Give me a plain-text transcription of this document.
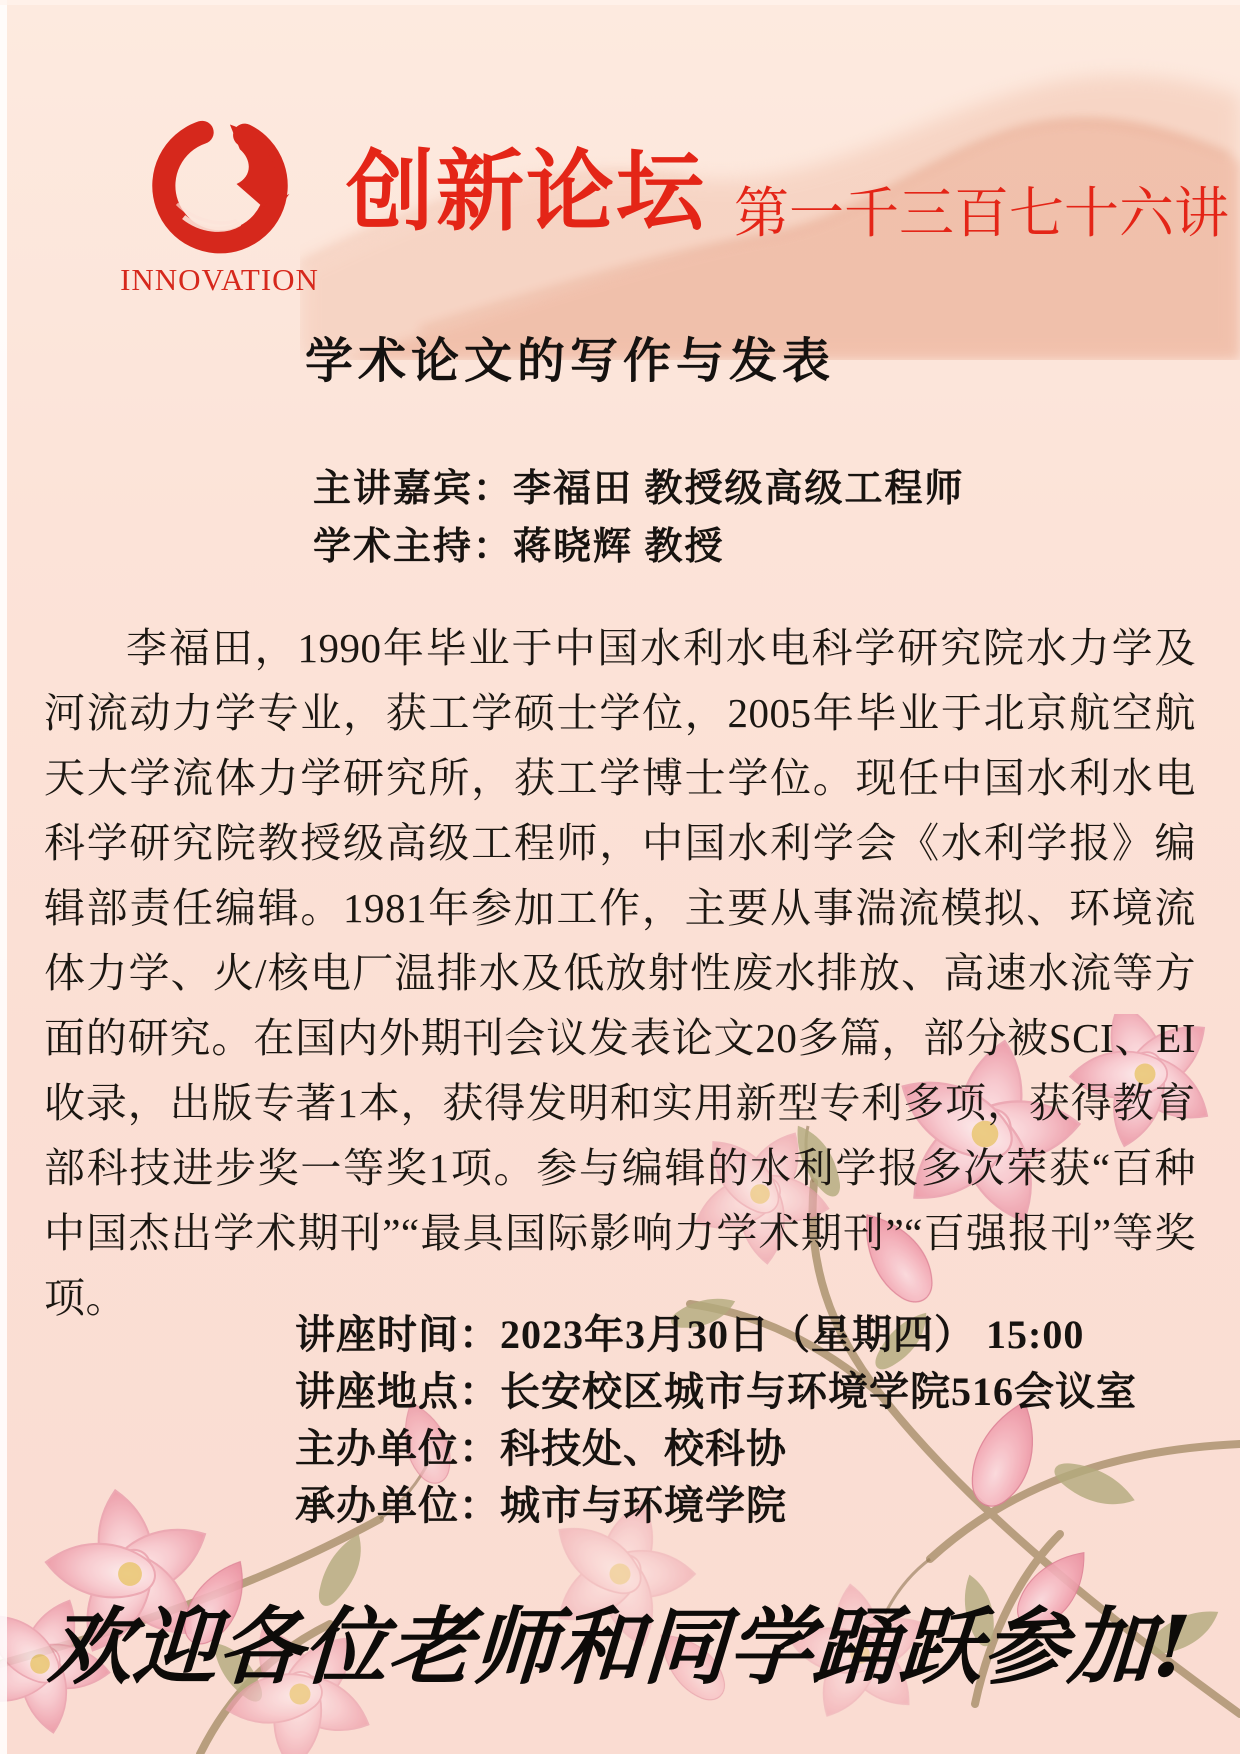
INNOVATION
创新论坛 第一千三百七十六讲
学术论文的写作与发表
主讲嘉宾：李福田 教授级高级工程师
学术主持：蒋晓辉 教授
李福田，1990年毕业于中国水利水电科学研究院水力学及河流动力学专业，获工学硕士学位，2005年毕业于北京航空航天大学流体力学研究所，获工学博士学位。现任中国水利水电科学研究院教授级高级工程师，中国水利学会《水利学报》编辑部责任编辑。1981年参加工作，主要从事湍流模拟、环境流体力学、火/核电厂温排水及低放射性废水排放、高速水流等方面的研究。在国内外期刊会议发表论文20多篇，部分被SCI、EI收录，出版专著1本，获得发明和实用新型专利多项，获得教育部科技进步奖一等奖1项。参与编辑的水利学报多次荣获“百种中国杰出学术期刊”“最具国际影响力学术期刊”“百强报刊”等奖项。
讲座时间：2023年3月30日（星期四） 15:00
讲座地点：长安校区城市与环境学院516会议室
主办单位：科技处、校科协
承办单位：城市与环境学院
欢迎各位老师和同学踊跃参加!
